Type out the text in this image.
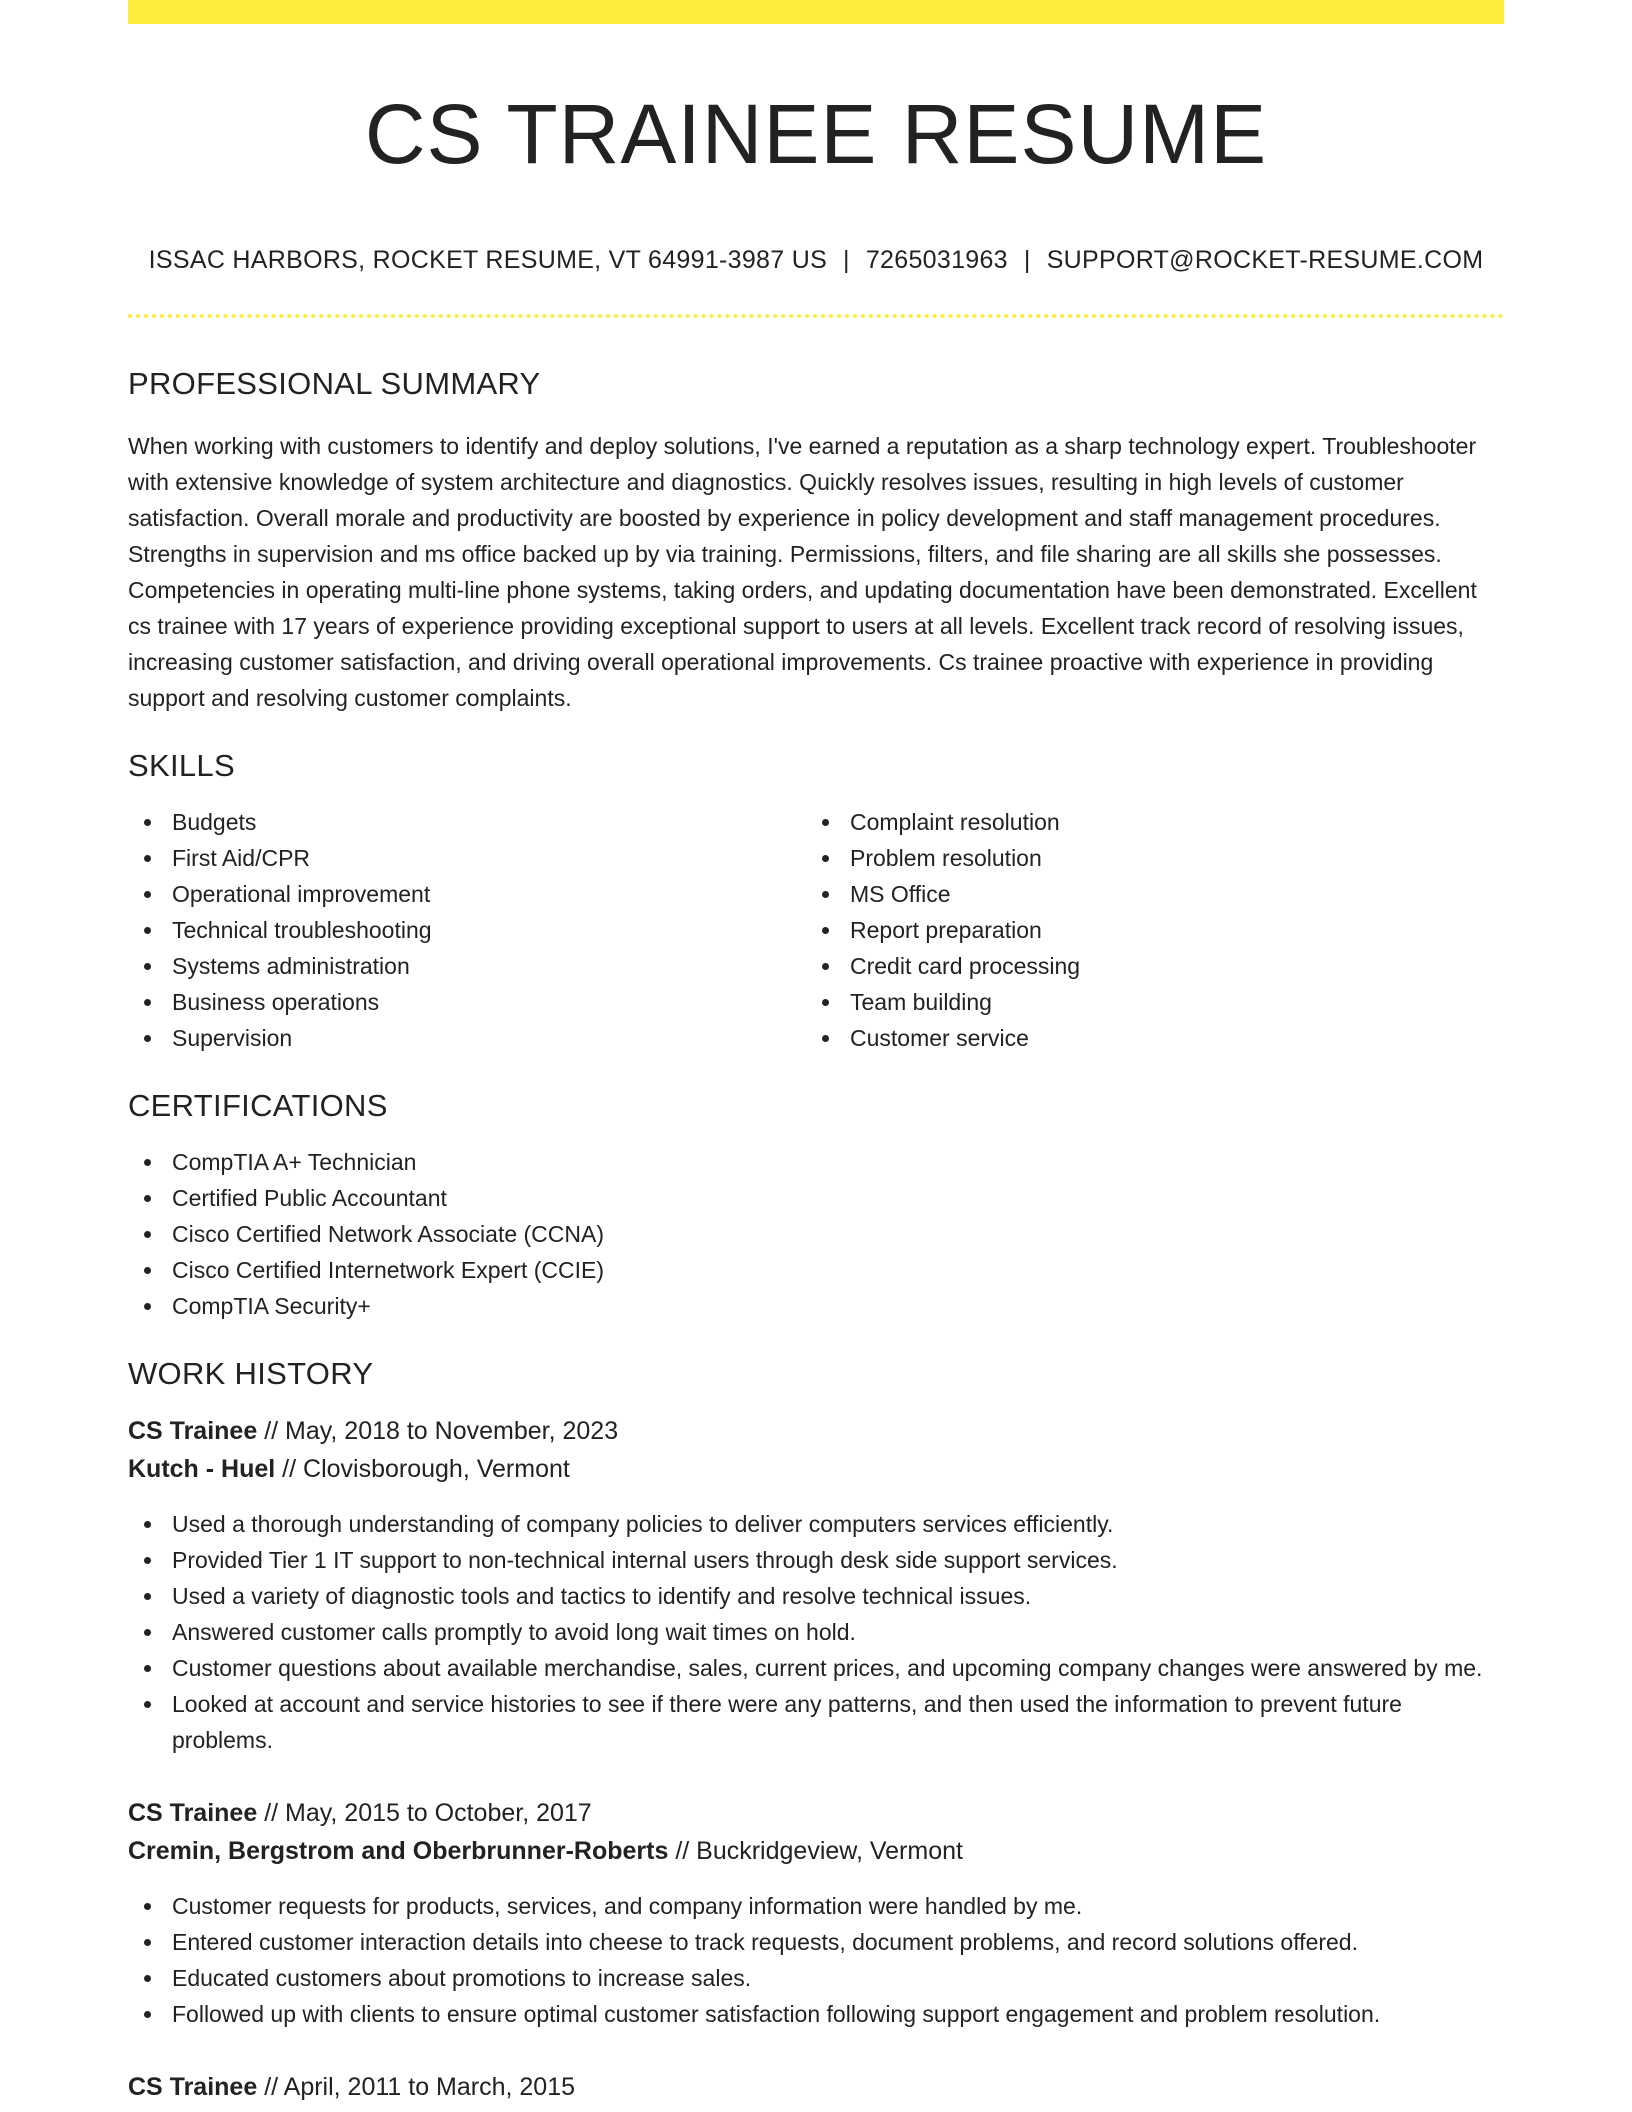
CS TRAINEE RESUME
ISSAC HARBORS, ROCKET RESUME, VT 64991-3987 US | 7265031963 | SUPPORT@ROCKET-RESUME.COM
PROFESSIONAL SUMMARY

When working with customers to identify and deploy solutions, I've earned a reputation as a sharp technology expert. Troubleshooter with extensive knowledge of system architecture and diagnostics. Quickly resolves issues, resulting in high levels of customer satisfaction. Overall morale and productivity are boosted by experience in policy development and staff management procedures. Strengths in supervision and ms office backed up by via training. Permissions, filters, and file sharing are all skills she possesses. Competencies in operating multi-line phone systems, taking orders, and updating documentation have been demonstrated. Excellent cs trainee with 17 years of experience providing exceptional support to users at all levels. Excellent track record of resolving issues, increasing customer satisfaction, and driving overall operational improvements. Cs trainee proactive with experience in providing support and resolving customer complaints.

SKILLS
Budgets
First Aid/CPR
Operational improvement
Technical troubleshooting
Systems administration
Business operations
Supervision
Complaint resolution
Problem resolution
MS Office
Report preparation
Credit card processing
Team building
Customer service
CERTIFICATIONS
CompTIA A+ Technician
Certified Public Accountant
Cisco Certified Network Associate (CCNA)
Cisco Certified Internetwork Expert (CCIE)
CompTIA Security+
WORK HISTORY
CS Trainee // May, 2018 to November, 2023
Kutch - Huel // Clovisborough, Vermont
Used a thorough understanding of company policies to deliver computers services efficiently.
Provided Tier 1 IT support to non-technical internal users through desk side support services.
Used a variety of diagnostic tools and tactics to identify and resolve technical issues.
Answered customer calls promptly to avoid long wait times on hold.
Customer questions about available merchandise, sales, current prices, and upcoming company changes were answered by me.
Looked at account and service histories to see if there were any patterns, and then used the information to prevent future problems.
CS Trainee // May, 2015 to October, 2017
Cremin, Bergstrom and Oberbrunner-Roberts // Buckridgeview, Vermont
Customer requests for products, services, and company information were handled by me.
Entered customer interaction details into cheese to track requests, document problems, and record solutions offered.
Educated customers about promotions to increase sales.
Followed up with clients to ensure optimal customer satisfaction following support engagement and problem resolution.
CS Trainee // April, 2011 to March, 2015
